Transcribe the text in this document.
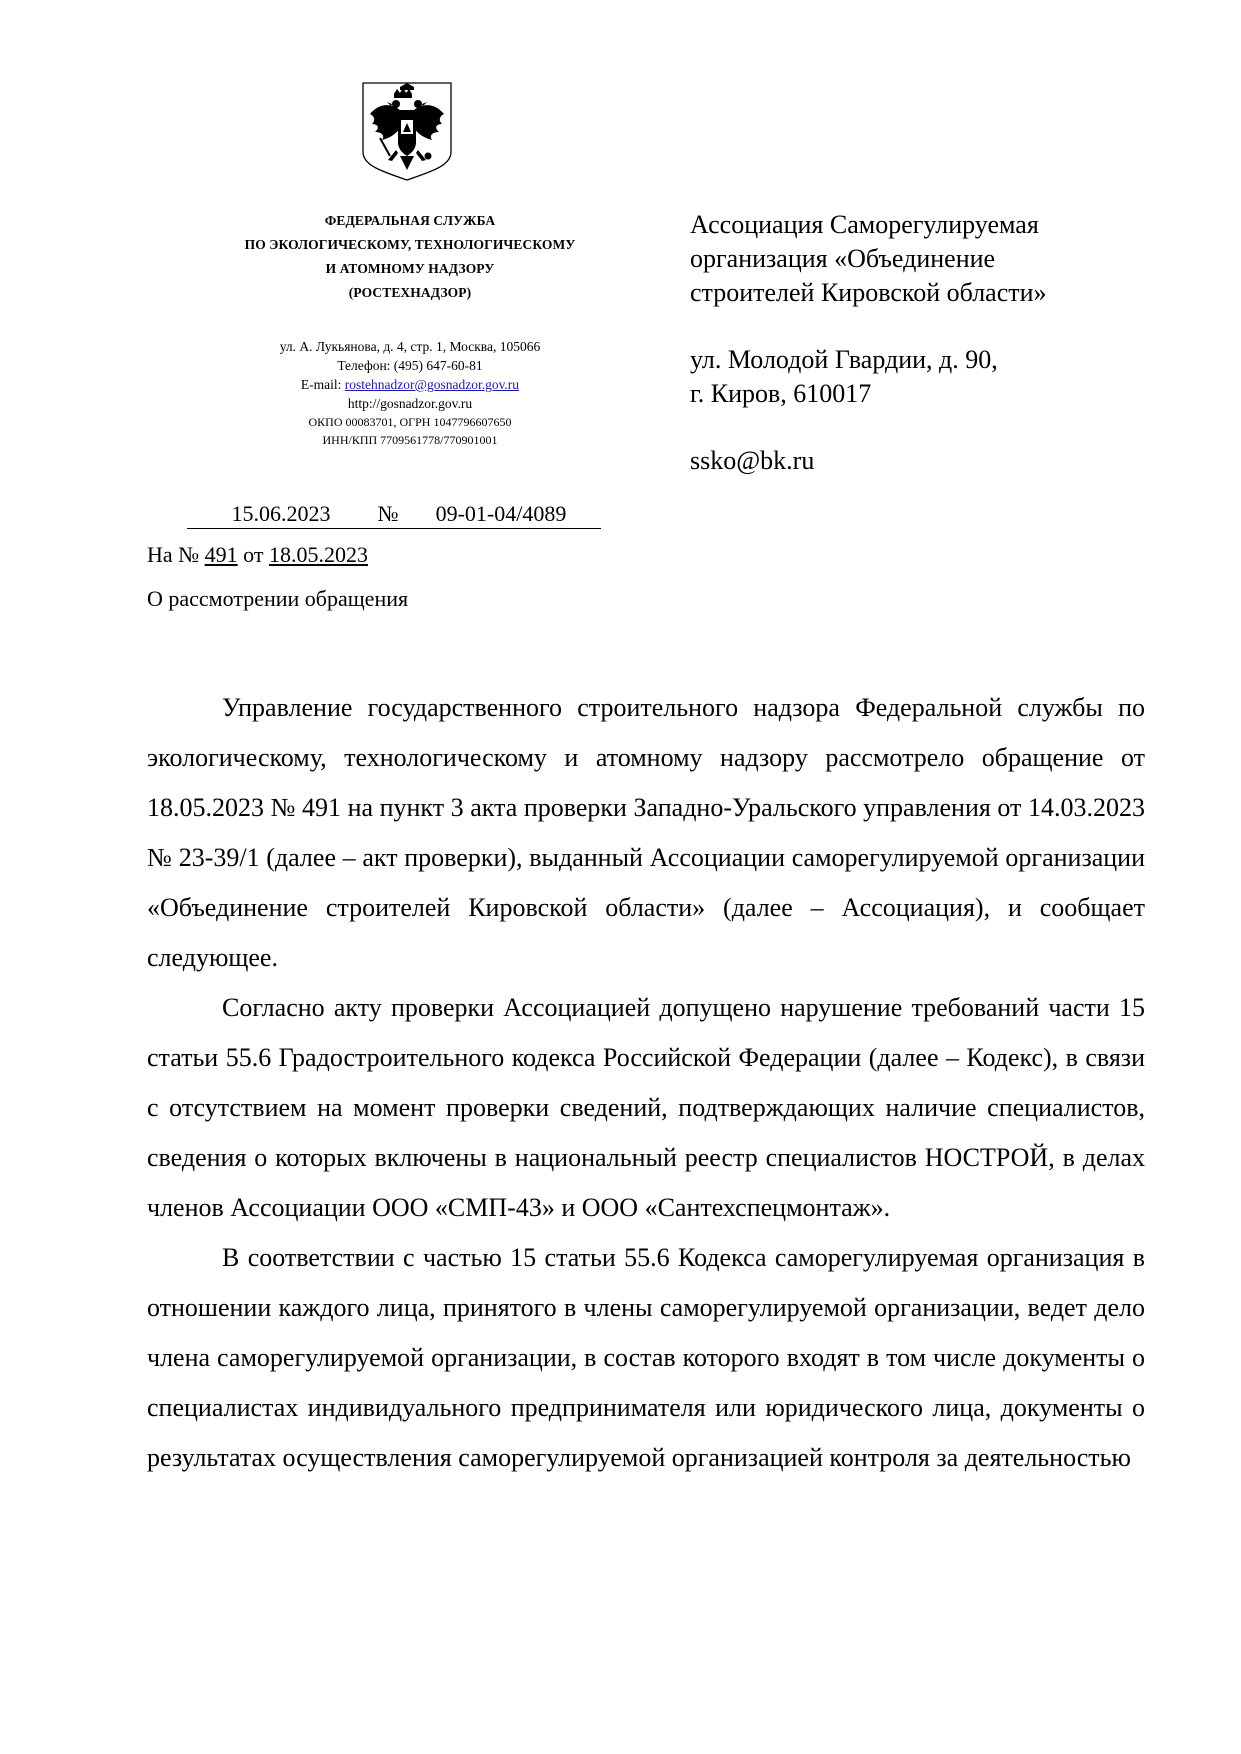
ФЕДЕРАЛЬНАЯ СЛУЖБА
ПО ЭКОЛОГИЧЕСКОМУ, ТЕХНОЛОГИЧЕСКОМУ
И АТОМНОМУ НАДЗОРУ
(РОСТЕХНАДЗОР)
ул. А. Лукьянова, д. 4, стр. 1, Москва, 105066
Телефон: (495) 647-60-81
E-mail: rostehnadzor@gosnadzor.gov.ru
http://gosnadzor.gov.ru
ОКПО 00083701, ОГРН 1047796607650
ИНН/КПП 7709561778/770901001
Ассоциация Саморегулируемая
организация «Объединение
строителей Кировской области»
ул. Молодой Гвардии, д. 90,
г. Киров, 610017
ssko@bk.ru
15.06.2023 № 09-01-04/4089
На № 491 от 18.05.2023
О рассмотрении обращения

Управление государственного строительного надзора Федеральной службы по экологическому, технологическому и атомному надзору рассмотрело обращение от 18.05.2023 № 491 на пункт 3 акта проверки Западно-Уральского управления от 14.03.2023 № 23-39/1 (далее – акт проверки), выданный Ассоциации саморегулируемой организации «Объединение строителей Кировской области» (далее – Ассоциация), и сообщает следующее.

Согласно акту проверки Ассоциацией допущено нарушение требований части 15 статьи 55.6 Градостроительного кодекса Российской Федерации (далее – Кодекс), в связи с отсутствием на момент проверки сведений, подтверждающих наличие специалистов, сведения о которых включены в национальный реестр специалистов НОСТРОЙ, в делах членов Ассоциации ООО «СМП-43» и ООО «Сантехспецмонтаж».

В соответствии с частью 15 статьи 55.6 Кодекса саморегулируемая организация в отношении каждого лица, принятого в члены саморегулируемой организации, ведет дело члена саморегулируемой организации, в состав которого входят в том числе документы о специалистах индивидуального предпринимателя или юридического лица, документы о результатах осуществления саморегулируемой организацией контроля за деятельностью
